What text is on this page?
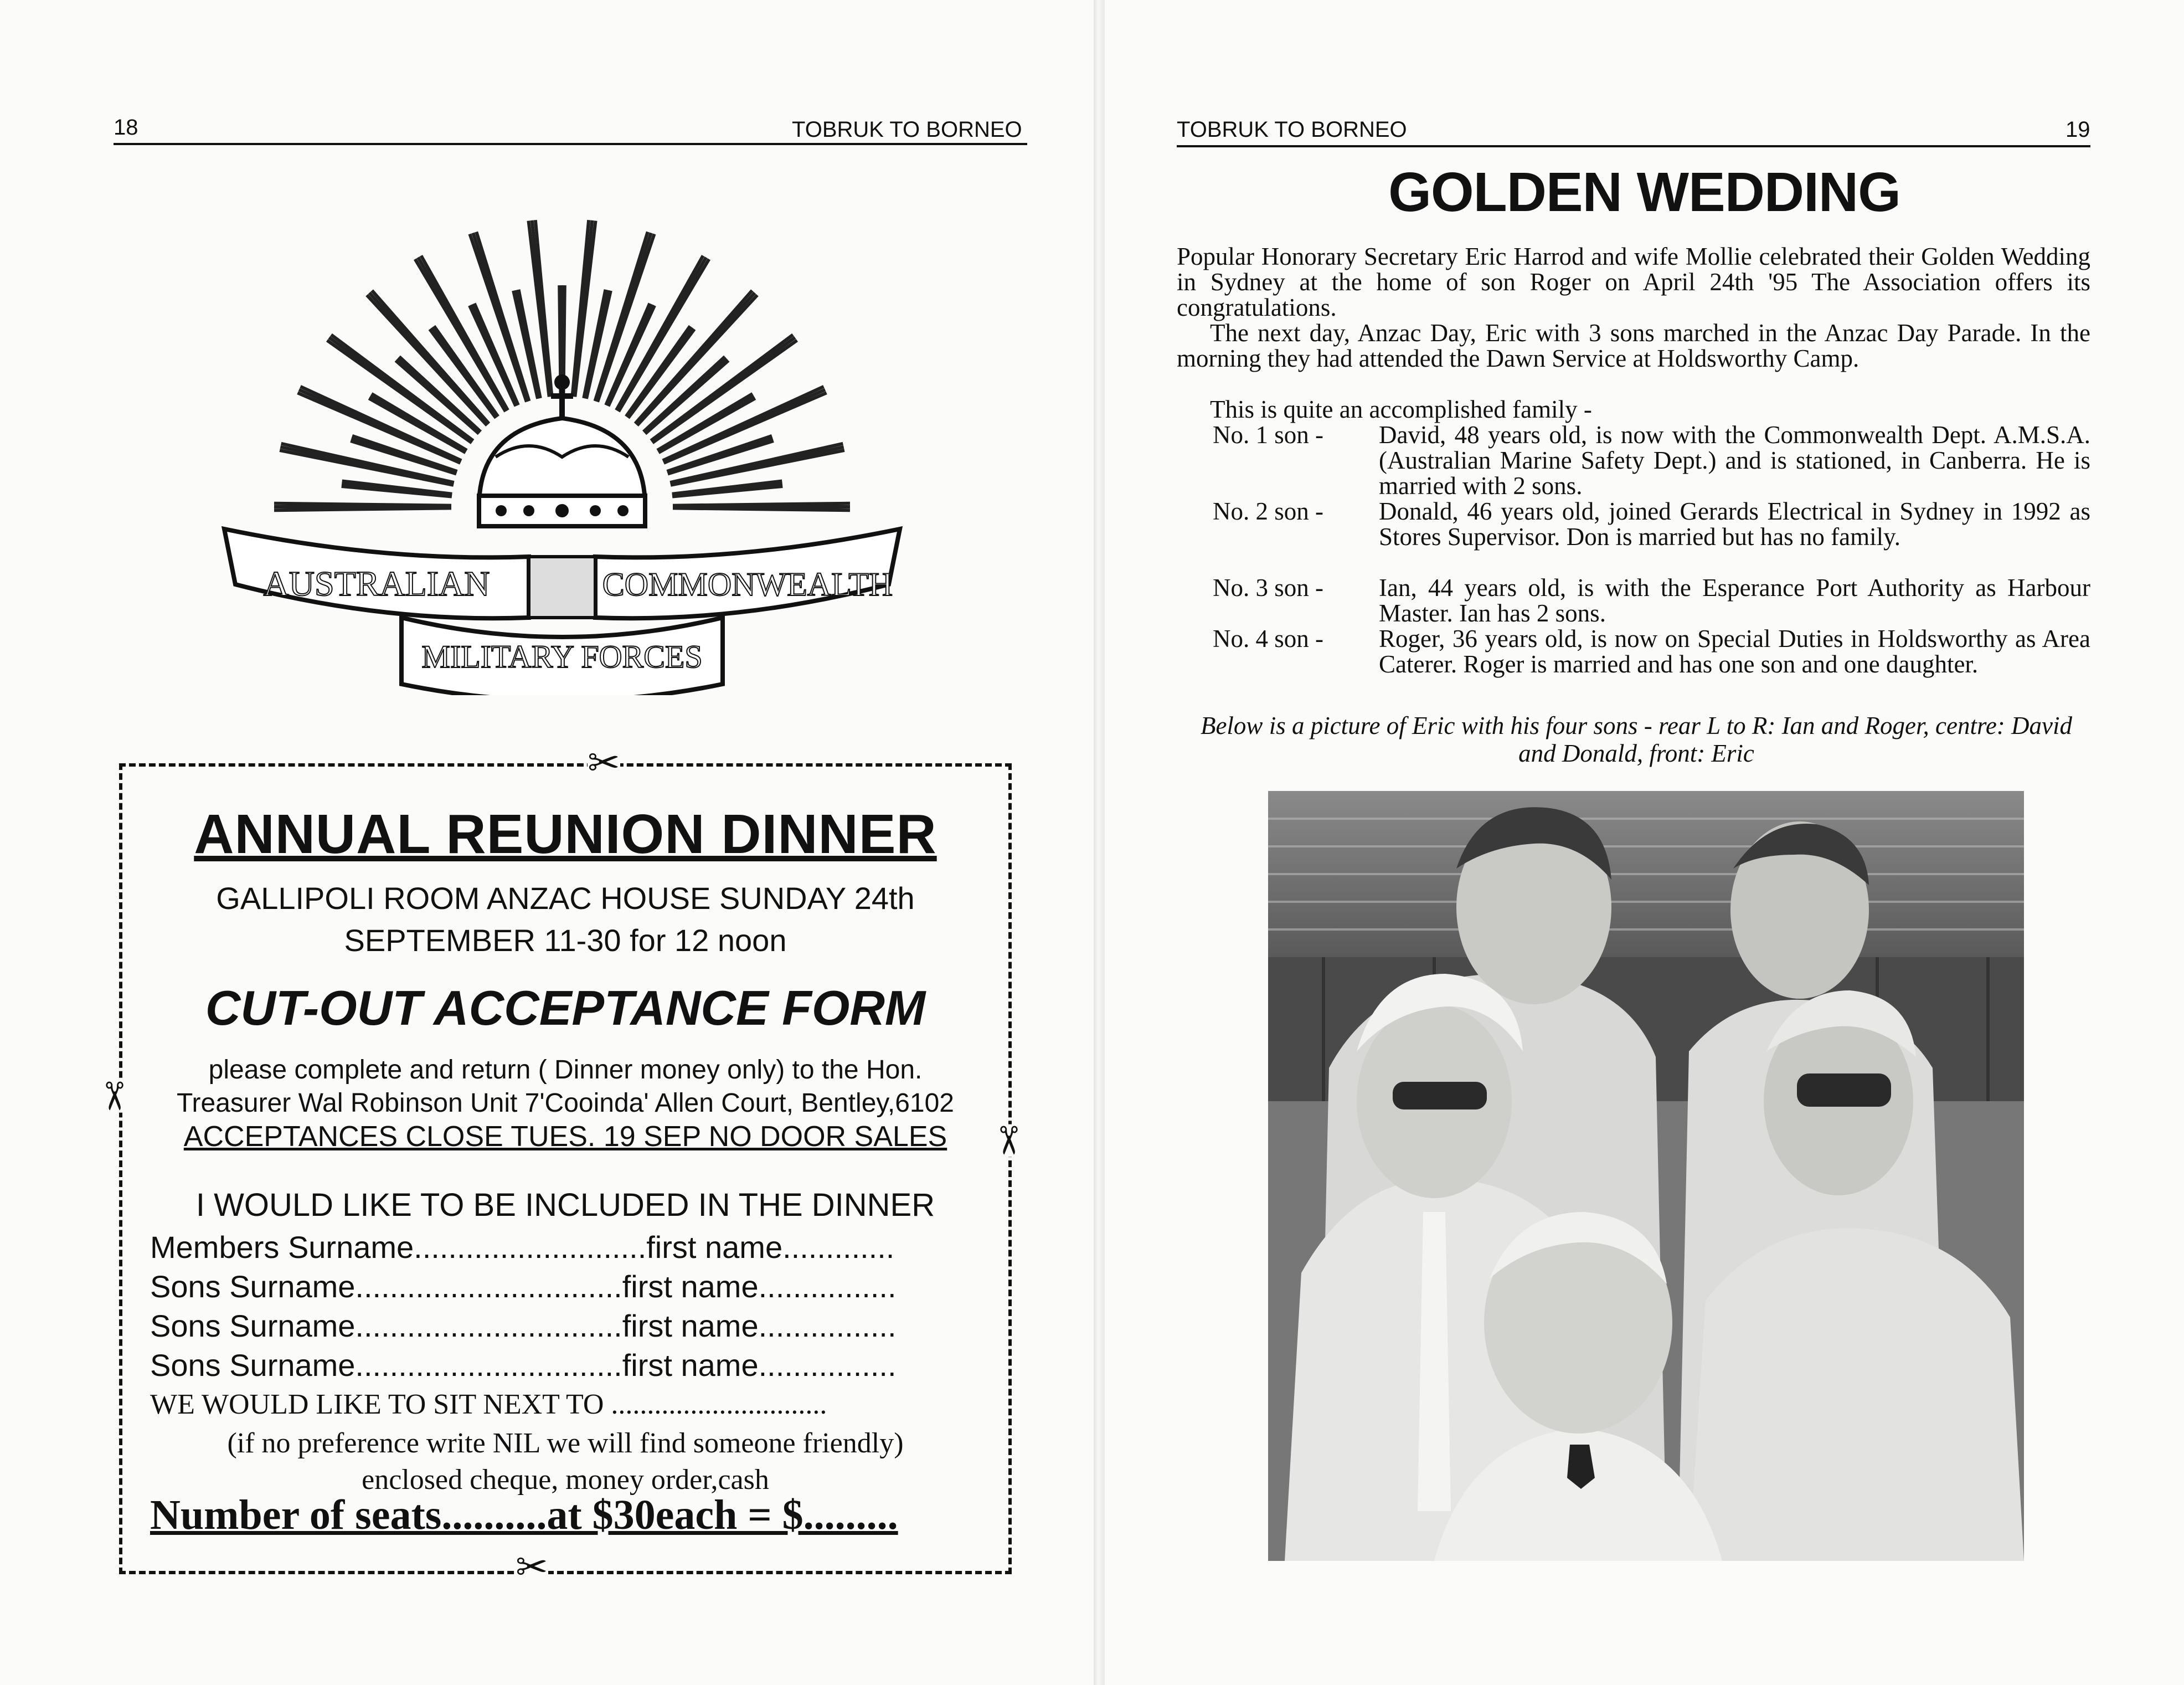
18	TOBRUK TO BORNEO
AUSTRALIAN	COMMONWEALTH
MILITARY FORCES
✂
✂
✂
✂
ANNUAL REUNION DINNER
GALLIPOLI ROOM ANZAC HOUSE SUNDAY 24th SEPTEMBER 11-30 for 12 noon
CUT-OUT ACCEPTANCE FORM
please complete and return ( Dinner money only) to the Hon. Treasurer Wal Robinson Unit 7'Cooinda' Allen Court, Bentley,6102
ACCEPTANCES CLOSE TUES. 19 SEP NO DOOR SALES
I WOULD LIKE TO BE INCLUDED IN THE DINNER
Members Surname...........................first name.............
Sons Surname...............................first name................
Sons Surname...............................first name................
Sons Surname...............................first name................
WE WOULD LIKE TO SIT NEXT TO ..............................
(if no preference write NIL we will find someone friendly)
enclosed cheque, money order,cash
Number of seats..........at $30each = $.........
TOBRUK TO BORNEO	19
GOLDEN WEDDING
Popular Honorary Secretary Eric Harrod and wife Mollie celebrated their Golden Wedding in Sydney at the home of son Roger on April 24th '95 The Association offers its congratulations.
The next day, Anzac Day, Eric with 3 sons marched in the Anzac Day Parade. In the morning they had attended the Dawn Service at Holdsworthy Camp.
This is quite an accomplished family -
No. 1 son - David, 48 years old, is now with the Commonwealth Dept. A.M.S.A. (Australian Marine Safety Dept.) and is stationed, in Canberra. He is married with 2 sons.
No. 2 son - Donald, 46 years old, joined Gerards Electrical in Sydney in 1992 as Stores Supervisor. Don is married but has no family.
No. 3 son - Ian, 44 years old, is with the Esperance Port Authority as Harbour Master. Ian has 2 sons.
No. 4 son - Roger, 36 years old, is now on Special Duties in Holdsworthy as Area Caterer. Roger is married and has one son and one daughter.
Below is a picture of Eric with his four sons - rear L to R: Ian and Roger, centre: David and Donald, front: Eric
